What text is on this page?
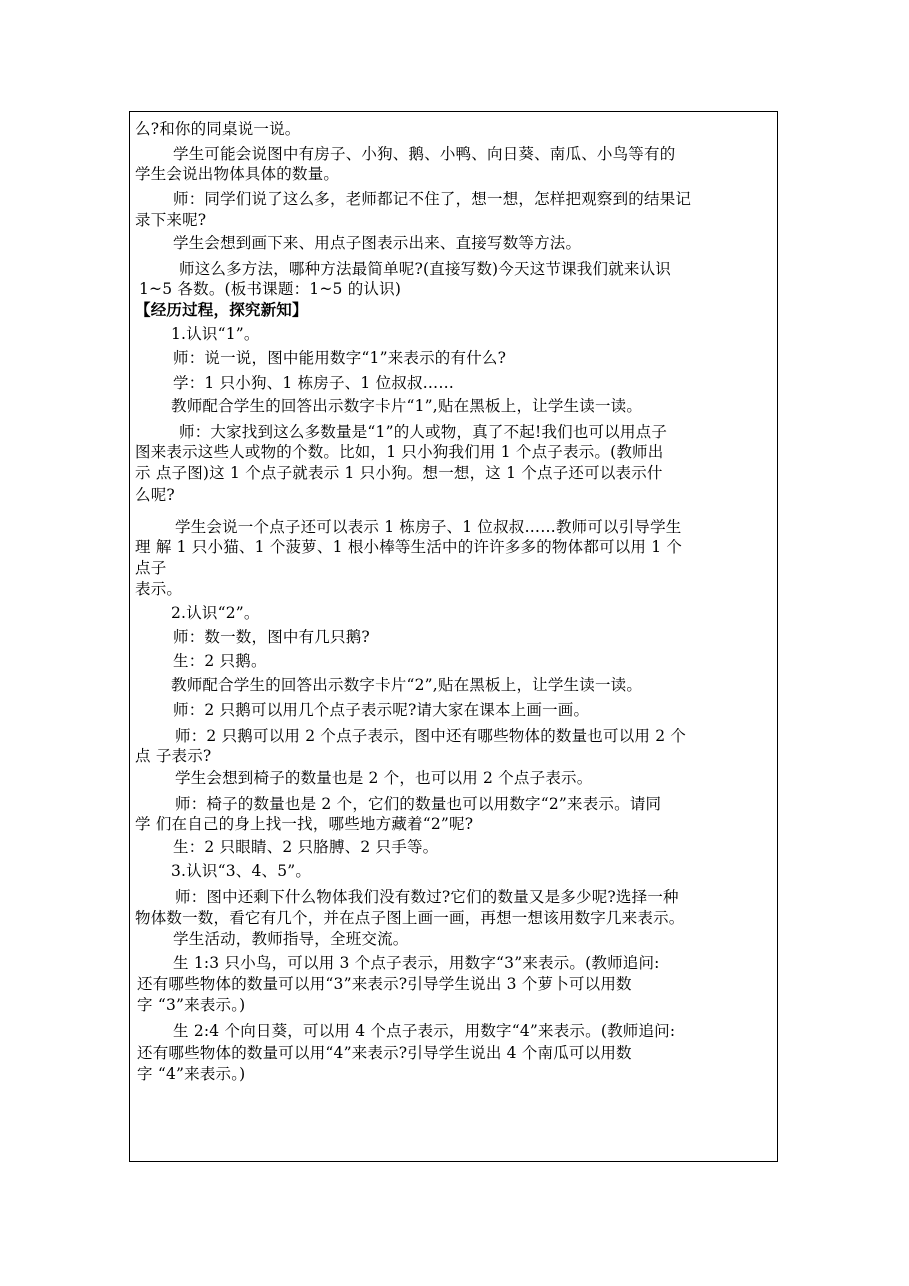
么?和你的同桌说一说。
学生可能会说图中有房子、小狗、鹅、小鸭、向日葵、南瓜、小鸟等有的
学生会说出物体具体的数量。
师：同学们说了这么多，老师都记不住了，想一想，怎样把观察到的结果记
录下来呢?
学生会想到画下来、用点子图表示出来、直接写数等方法。
师这么多方法，哪种方法最简单呢?(直接写数)今天这节课我们就来认识
1~5 各数。(板书课题：1~5 的认识)
【经历过程，探究新知】
1.认识“1”。
师：说一说，图中能用数字“1”来表示的有什么?
学：1 只小狗、1 栋房子、1 位叔叔……
教师配合学生的回答出示数字卡片“1”,贴在黑板上，让学生读一读。
师：大家找到这么多数量是“1”的人或物，真了不起!我们也可以用点子
图来表示这些人或物的个数。比如，1 只小狗我们用 1 个点子表示。(教师出
示 点子图)这 1 个点子就表示 1 只小狗。想一想，这 1 个点子还可以表示什
么呢?
学生会说一个点子还可以表示 1 栋房子、1 位叔叔……教师可以引导学生
理 解 1 只小猫、1 个菠萝、1 根小棒等生活中的许许多多的物体都可以用 1 个
点子
表示。
2.认识“2”。
师：数一数，图中有几只鹅?
生：2 只鹅。
教师配合学生的回答出示数字卡片“2”,贴在黑板上，让学生读一读。
师：2 只鹅可以用几个点子表示呢?请大家在课本上画一画。
师：2 只鹅可以用 2 个点子表示，图中还有哪些物体的数量也可以用 2 个
点 子表示?
学生会想到椅子的数量也是 2 个，也可以用 2 个点子表示。
师：椅子的数量也是 2 个，它们的数量也可以用数字“2”来表示。请同
学 们在自己的身上找一找，哪些地方藏着“2”呢?
生：2 只眼睛、2 只胳膊、2 只手等。
3.认识“3、4、5”。
师：图中还剩下什么物体我们没有数过?它们的数量又是多少呢?选择一种
物体数一数，看它有几个，并在点子图上画一画，再想一想该用数字几来表示。
学生活动，教师指导，全班交流。
生 1:3 只小鸟，可以用 3 个点子表示，用数字“3”来表示。(教师追问:
还有哪些物体的数量可以用“3”来表示?引导学生说出 3 个萝卜可以用数
字 “3”来表示。)
生 2:4 个向日葵，可以用 4 个点子表示，用数字“4”来表示。(教师追问:
还有哪些物体的数量可以用“4”来表示?引导学生说出 4 个南瓜可以用数
字 “4”来表示。)
